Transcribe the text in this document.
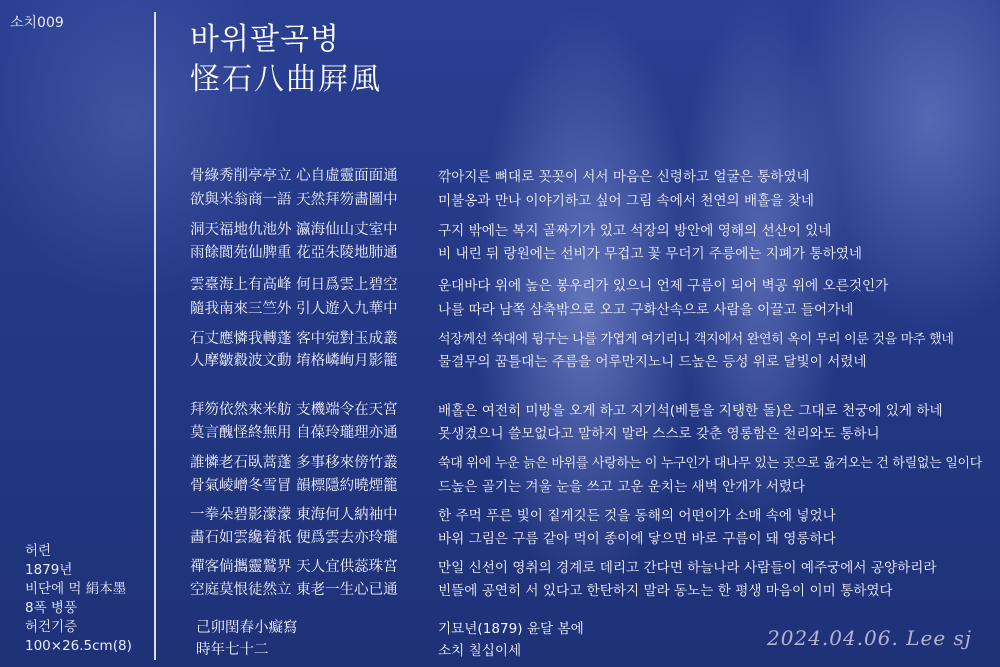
소치009	바위팔곡병
怪石八曲屛風
허련
1879년
비단에 먹 絹本墨
8폭 병풍
허건기증
100×26.5cm(8)
骨綠秀削亭亭立 心自虛靈面面通
欲與米翁商一語 天然拜笏畵圖中
洞天福地仇池外 瀛海仙山丈室中
雨餘閬苑仙脾重 花亞朱陵地肺通
雲臺海上有高峰 何日爲雲上碧空
隨我南來三竺外 引人遊入九華中
石丈應憐我轉蓬 客中宛對玉成叢
人摩皺縠波文動 堉格嶙峋月影籠
拜笏依然來米舫 支機端令在天宮
莫言醜怪終無用 自葆玲瓏理亦通
誰憐老石臥蒿蓬 多事移來傍竹叢
骨氣崚嶒冬雪冒 韻標隱約曉煙籠
一拳朵碧影濛濛 東海何人納袖中
畵石如雲纔着祇 便爲雲去亦玲瓏
禪客倘攜靈鷲界 天人宜供蕊珠宮
空庭莫恨徒然立 東老一生心已通
己卯閏春小癡寫
時年七十二
깎아지른 뼈대로 꼿꼿이 서서 마음은 신령하고 얼굴은 통하였네
미불옹과 만나 이야기하고 싶어 그림 속에서 천연의 배홀을 찾네
구지 밖에는 복지 골짜기가 있고 석장의 방안에 영해의 선산이 있네
비 내린 뒤 랑원에는 선비가 무겁고 꽃 무더기 주릉에는 지폐가 통하였네
운대바다 위에 높은 봉우리가 있으니 언제 구름이 되어 벽공 위에 오른것인가
나를 따라 남쪽 삼축밖으로 오고 구화산속으로 사람을 이끌고 들어가네
석장께선 쑥대에 뒹구는 나를 가엽게 여기리니 객지에서 완연히 옥이 무리 이룬 것을 마주 했네
물결무의 꿈틀대는 주름을 어루만지노니 드높은 등성 위로 달빛이 서렸네
배홀은 여전히 미방을 오게 하고 지기석(베틀을 지탱한 돌)은 그대로 천궁에 있게 하네
못생겼으니 쓸모없다고 말하지 말라 스스로 갖춘 영롱함은 천리와도 통하니
쑥대 위에 누운 늙은 바위를 사랑하는 이 누구인가 대나무 있는 곳으로 옮겨오는 건 하릴없는 일이다
드높은 골기는 겨울 눈을 쓰고 고운 운치는 새벽 안개가 서렸다
한 주먹 푸른 빛이 짙게깃든 것을 동해의 어떤이가 소매 속에 넣었나
바위 그림은 구름 같아 먹이 종이에 닿으면 바로 구름이 돼 영롱하다
만일 신선이 영취의 경계로 데리고 간다면 하늘나라 사람들이 예주궁에서 공양하리라
빈뜰에 공연히 서 있다고 한탄하지 말라 동노는 한 평생 마음이 이미 통하였다
기묘년(1879) 윤달 봄에
소치 칠십이세
2024.04.06. Lee sj
